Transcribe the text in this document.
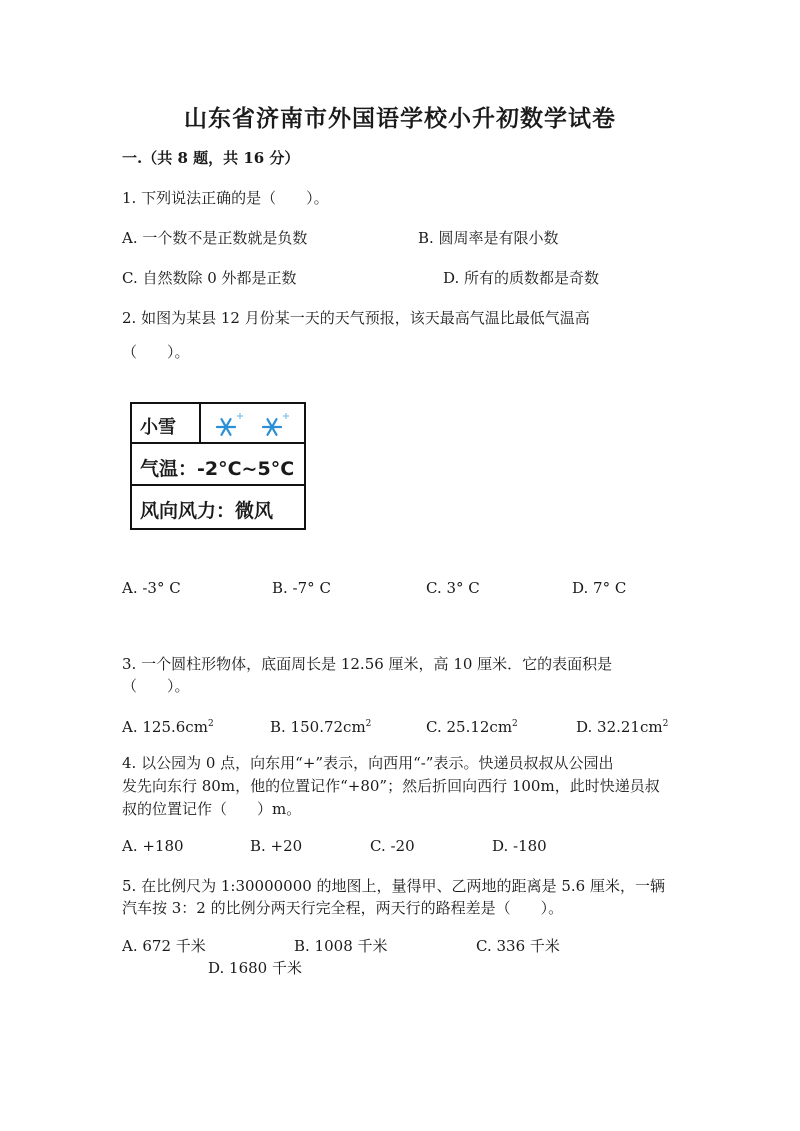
山东省济南市外国语学校小升初数学试卷
一.（共 8 题，共 16 分）
1. 下列说法正确的是（　　）。
A. 一个数不是正数就是负数	B. 圆周率是有限小数
C. 自然数除 0 外都是正数	D. 所有的质数都是奇数
2. 如图为某县 12 月份某一天的天气预报，该天最高气温比最低气温高
（　　）。
小雪
气温：-2°C~5°C
风向风力：微风
A. -3° C	B. -7° C	C. 3° C	D. 7° C
3. 一个圆柱形物体，底面周长是 12.56 厘米，高 10 厘米．它的表面积是
（　　）。
A. $125.6cm^2$	B. $150.72cm^2$	C. $25.12cm^2$	D. $32.21cm^2$
4. 以公园为 0 点，向东用“+”表示，向西用“-”表示。快递员叔叔从公园出
发先向东行 80m，他的位置记作“+80”；然后折回向西行 100m，此时快递员叔
叔的位置记作（　　）m。
A. +180	B. +20	C. -20	D. -180
5. 在比例尺为 1:30000000 的地图上，量得甲、乙两地的距离是 5.6 厘米，一辆
汽车按 3：2 的比例分两天行完全程，两天行的路程差是（　　）。
A. 672 千米	B. 1008 千米	C. 336 千米
D. 1680 千米
